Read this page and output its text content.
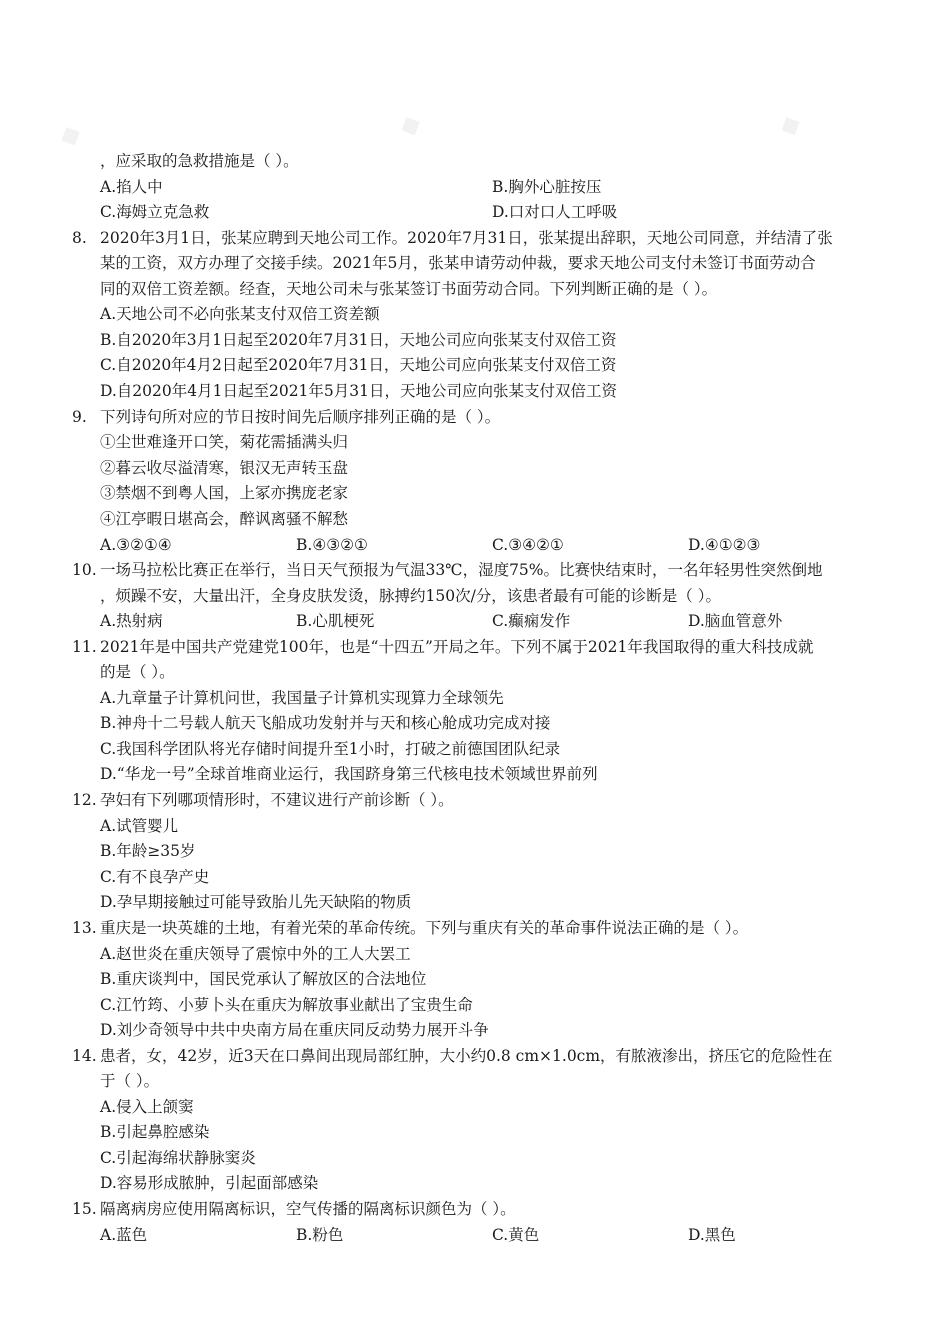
◆	◆	◆
，应采取的急救措施是（ ）。
A.掐人中	B.胸外心脏按压
C.海姆立克急救	D.口对口人工呼吸
8. 2020年3月1日，张某应聘到天地公司工作。2020年7月31日，张某提出辞职，天地公司同意，并结清了张
某的工资，双方办理了交接手续。2021年5月，张某申请劳动仲裁，要求天地公司支付未签订书面劳动合
同的双倍工资差额。经查，天地公司未与张某签订书面劳动合同。下列判断正确的是（ ）。
A.天地公司不必向张某支付双倍工资差额
B.自2020年3月1日起至2020年7月31日，天地公司应向张某支付双倍工资
C.自2020年4月2日起至2020年7月31日，天地公司应向张某支付双倍工资
D.自2020年4月1日起至2021年5月31日，天地公司应向张某支付双倍工资
9. 下列诗句所对应的节日按时间先后顺序排列正确的是（ ）。
①尘世难逢开口笑，菊花需插满头归
②暮云收尽溢清寒，银汉无声转玉盘
③禁烟不到粤人国，上冢亦携庞老家
④江亭暇日堪高会，醉讽离骚不解愁
A.③②①④	B.④③②①	C.③④②①	D.④①②③
10. 一场马拉松比赛正在举行，当日天气预报为气温33℃，湿度75%。比赛快结束时，一名年轻男性突然倒地
，烦躁不安，大量出汗，全身皮肤发烫，脉搏约150次/分，该患者最有可能的诊断是（ ）。
A.热射病	B.心肌梗死	C.癫痫发作	D.脑血管意外
11. 2021年是中国共产党建党100年，也是“十四五”开局之年。下列不属于2021年我国取得的重大科技成就
的是（ ）。
A.九章量子计算机问世，我国量子计算机实现算力全球领先
B.神舟十二号载人航天飞船成功发射并与天和核心舱成功完成对接
C.我国科学团队将光存储时间提升至1小时，打破之前德国团队纪录
D.“华龙一号”全球首堆商业运行，我国跻身第三代核电技术领域世界前列
12. 孕妇有下列哪项情形时，不建议进行产前诊断（ ）。
A.试管婴儿
B.年龄≥35岁
C.有不良孕产史
D.孕早期接触过可能导致胎儿先天缺陷的物质
13. 重庆是一块英雄的土地，有着光荣的革命传统。下列与重庆有关的革命事件说法正确的是（ ）。
A.赵世炎在重庆领导了震惊中外的工人大罢工
B.重庆谈判中，国民党承认了解放区的合法地位
C.江竹筠、小萝卜头在重庆为解放事业献出了宝贵生命
D.刘少奇领导中共中央南方局在重庆同反动势力展开斗争
14. 患者，女，42岁，近3天在口鼻间出现局部红肿，大小约0.8 cm×1.0cm，有脓液渗出，挤压它的危险性在
于（ ）。
A.侵入上颌窦
B.引起鼻腔感染
C.引起海绵状静脉窦炎
D.容易形成脓肿，引起面部感染
15. 隔离病房应使用隔离标识，空气传播的隔离标识颜色为（ ）。
A.蓝色	B.粉色	C.黄色	D.黑色
